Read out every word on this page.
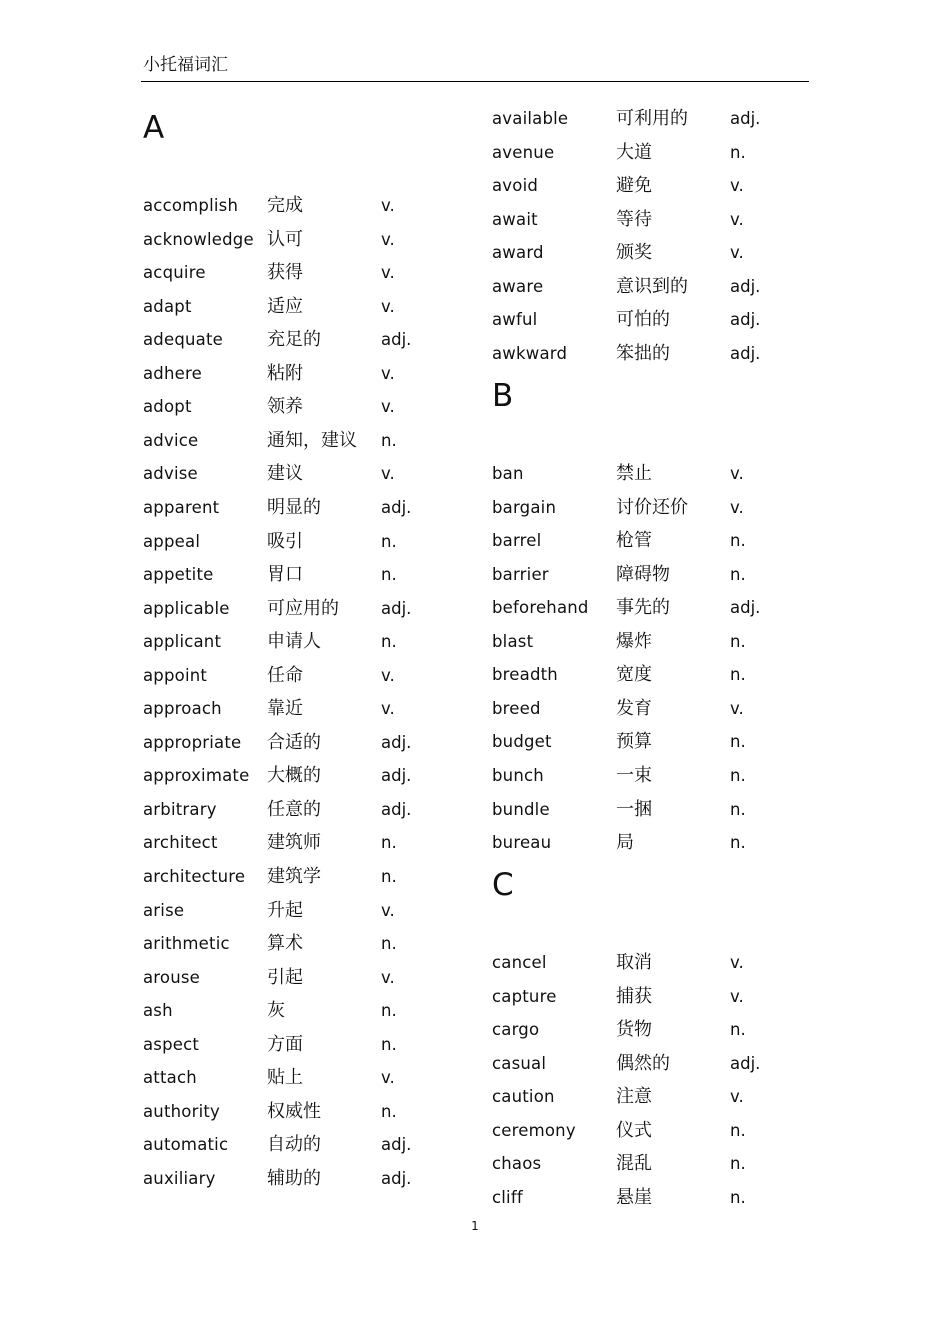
小托福词汇
A
accomplish 完成	v.
acknowledge 认可	v.
acquire	获得	v.
adapt	适应	v.
adequate 充足的	adj.
adhere	粘附	v.
adopt	领养	v.
advice	通知，建议 n.
advise	建议	v.
apparent	明显的	adj.
appeal	吸引	n.
appetite	胃口	n.
applicable 可应用的	adj.
applicant	申请人	n.
appoint	任命	v.
approach	靠近	v.
appropriate 合适的	adj.
approximate 大概的	adj.
arbitrary	任意的	adj.
architect	建筑师	n.
architecture 建筑学	n.
arise	升起	v.
arithmetic 算术	n.
arouse	引起	v.
ash	灰	n.
aspect	方面	n.
attach	贴上	v.
authority	权威性	n.
automatic 自动的	adj.
auxiliary	辅助的	adj.
available	可利用的	adj.
avenue	大道	n.
avoid	避免	v.
await	等待	v.
award	颁奖	v.
aware	意识到的	adj.
awful	可怕的	adj.
awkward	笨拙的	adj.
B
ban	禁止	v.
bargain	讨价还价	v.
barrel	枪管	n.
barrier	障碍物	n.
beforehand 事先的	adj.
blast	爆炸	n.
breadth	宽度	n.
breed	发育	v.
budget	预算	n.
bunch	一束	n.
bundle	一捆	n.
bureau	局	n.
C
cancel	取消	v.
capture	捕获	v.
cargo	货物	n.
casual	偶然的	adj.
caution	注意	v.
ceremony 仪式	n.
chaos	混乱	n.
cliff	悬崖	n.
1
